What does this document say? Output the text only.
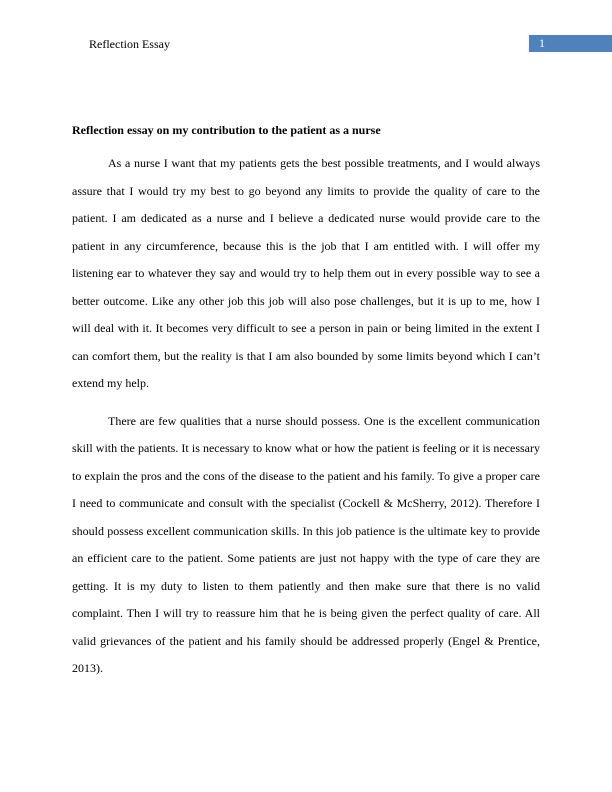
Reflection Essay	1

Reflection essay on my contribution to the patient as a nurse

As a nurse I want that my patients gets the best possible treatments, and I would always assure that I would try my best to go beyond any limits to provide the quality of care to the patient. I am dedicated as a nurse and I believe a dedicated nurse would provide care to the patient in any circumference, because this is the job that I am entitled with. I will offer my listening ear to whatever they say and would try to help them out in every possible way to see a better outcome. Like any other job this job will also pose challenges, but it is up to me, how I will deal with it. It becomes very difficult to see a person in pain or being limited in the extent I can comfort them, but the reality is that I am also bounded by some limits beyond which I can’t extend my help.

There are few qualities that a nurse should possess. One is the excellent communication skill with the patients. It is necessary to know what or how the patient is feeling or it is necessary to explain the pros and the cons of the disease to the patient and his family. To give a proper care I need to communicate and consult with the specialist (Cockell & McSherry, 2012). Therefore I should possess excellent communication skills. In this job patience is the ultimate key to provide an efficient care to the patient. Some patients are just not happy with the type of care they are getting. It is my duty to listen to them patiently and then make sure that there is no valid complaint. Then I will try to reassure him that he is being given the perfect quality of care. All valid grievances of the patient and his family should be addressed properly (Engel & Prentice, 2013).
